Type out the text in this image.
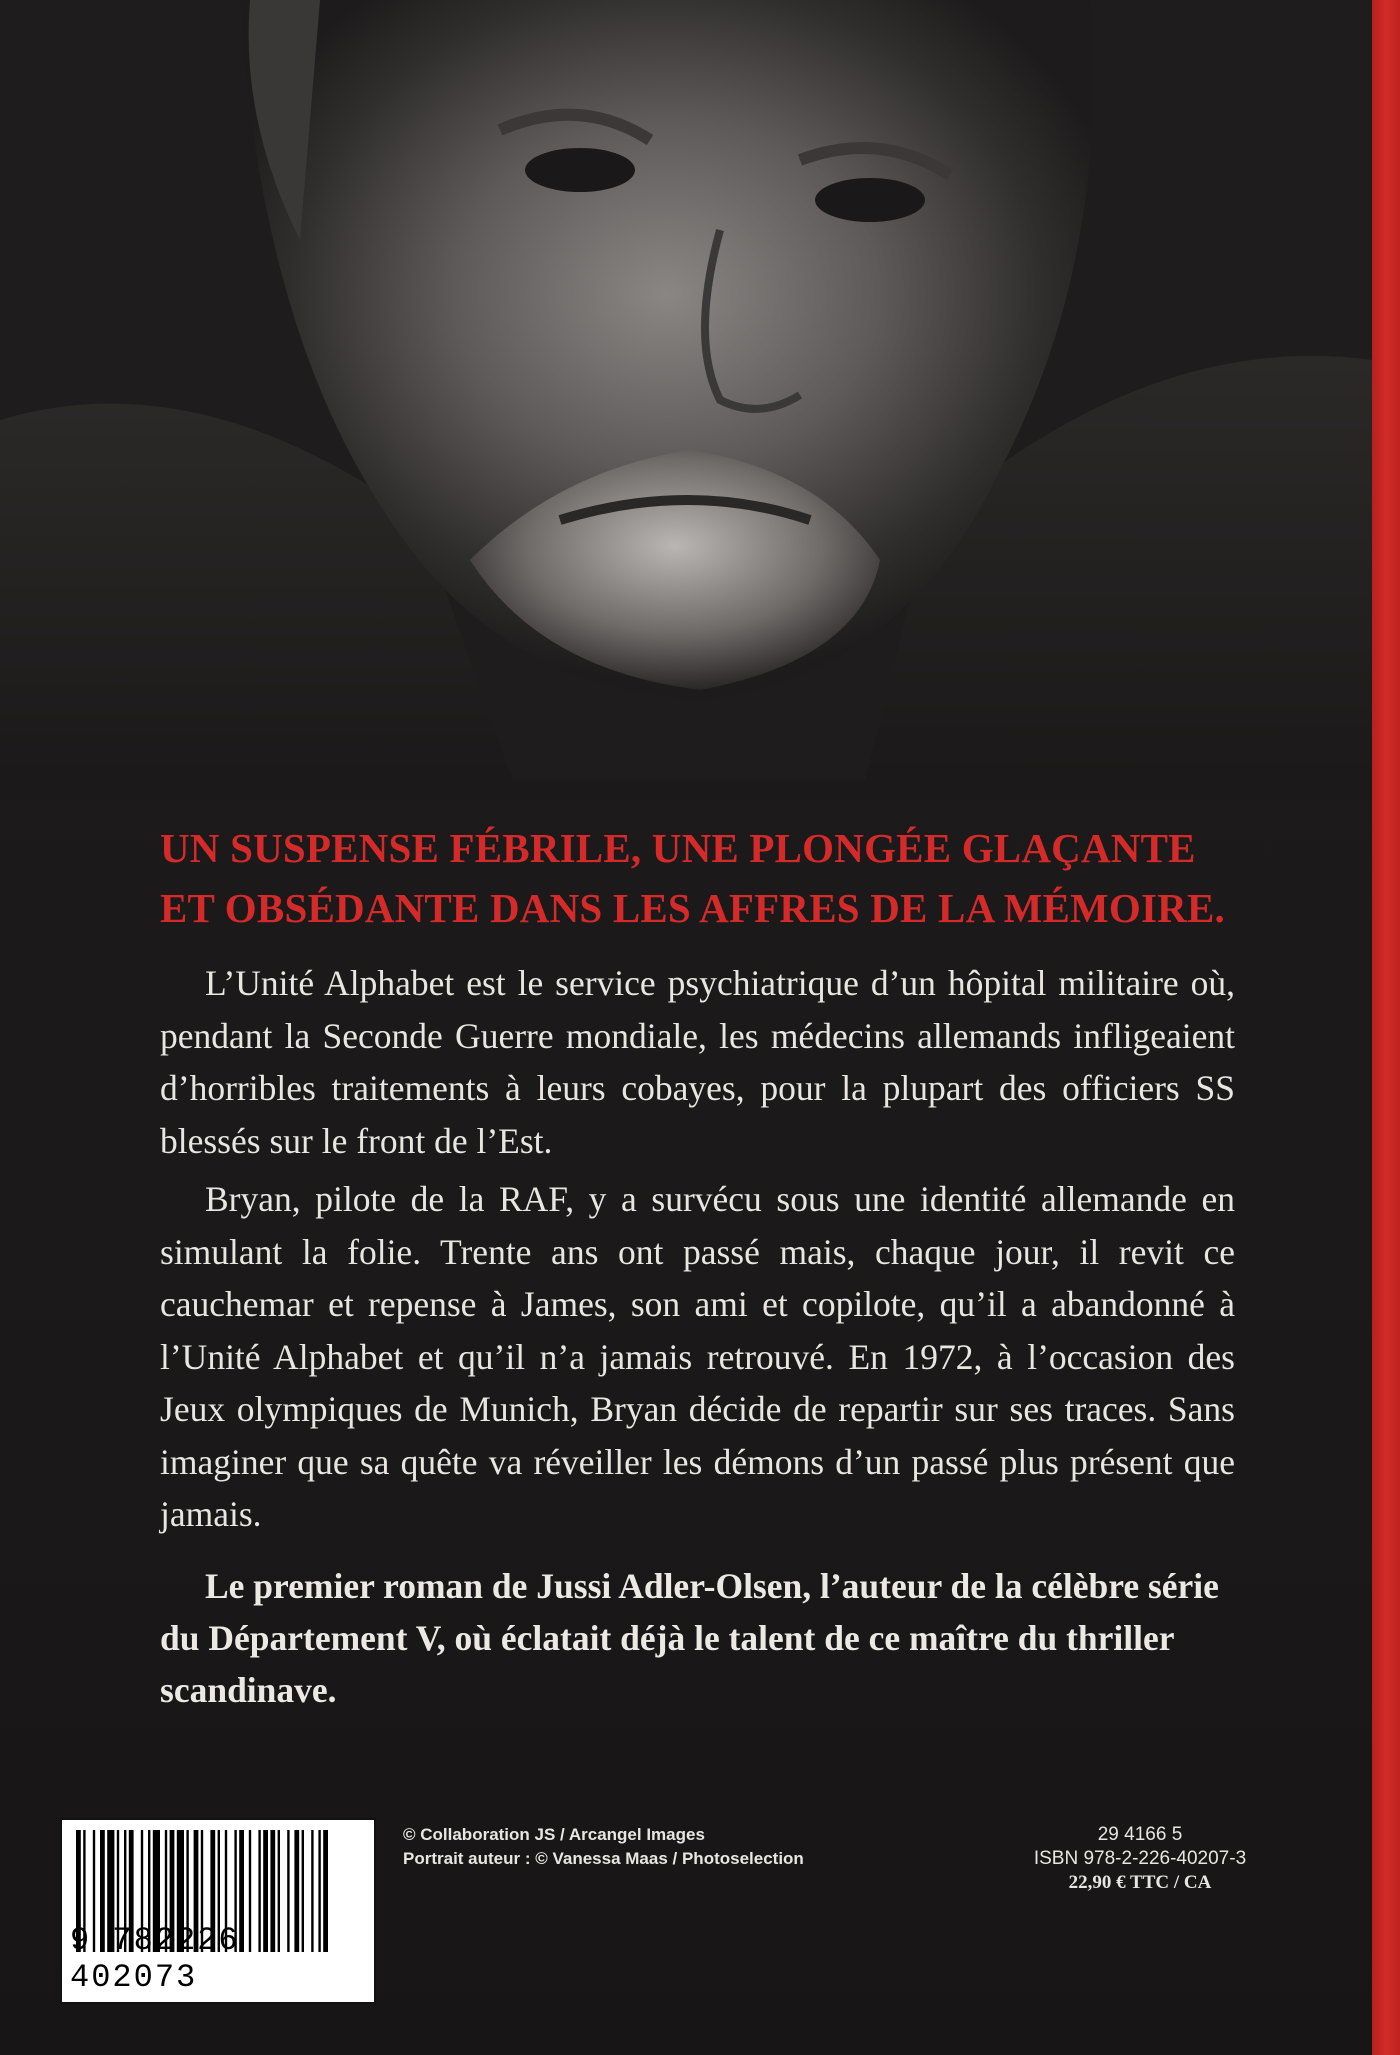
UN SUSPENSE FÉBRILE, UNE PLONGÉE GLAÇANTE
ET OBSÉDANTE DANS LES AFFRES DE LA MÉMOIRE.

L’Unité Alphabet est le service psychiatrique d’un hôpital militaire où, pendant la Seconde Guerre mondiale, les médecins allemands infligeaient d’horribles traitements à leurs cobayes, pour la plupart des officiers SS blessés sur le front de l’Est.

Bryan, pilote de la RAF, y a survécu sous une identité allemande en simulant la folie. Trente ans ont passé mais, chaque jour, il revit ce cauchemar et repense à James, son ami et copilote, qu’il a abandonné à l’Unité Alphabet et qu’il n’a jamais retrouvé. En 1972, à l’occasion des Jeux olympiques de Munich, Bryan décide de repartir sur ses traces. Sans imaginer que sa quête va réveiller les démons d’un passé plus présent que jamais.

Le premier roman de Jussi Adler-Olsen, l’auteur de la célèbre série du Département V, où éclatait déjà le talent de ce maître du thriller scandinave.
9 782226 402073
© Collaboration JS / Arcangel Images
Portrait auteur : © Vanessa Maas / Photoselection
29 4166 5
ISBN 978-2-226-40207-3
22,90 € TTC / CA
